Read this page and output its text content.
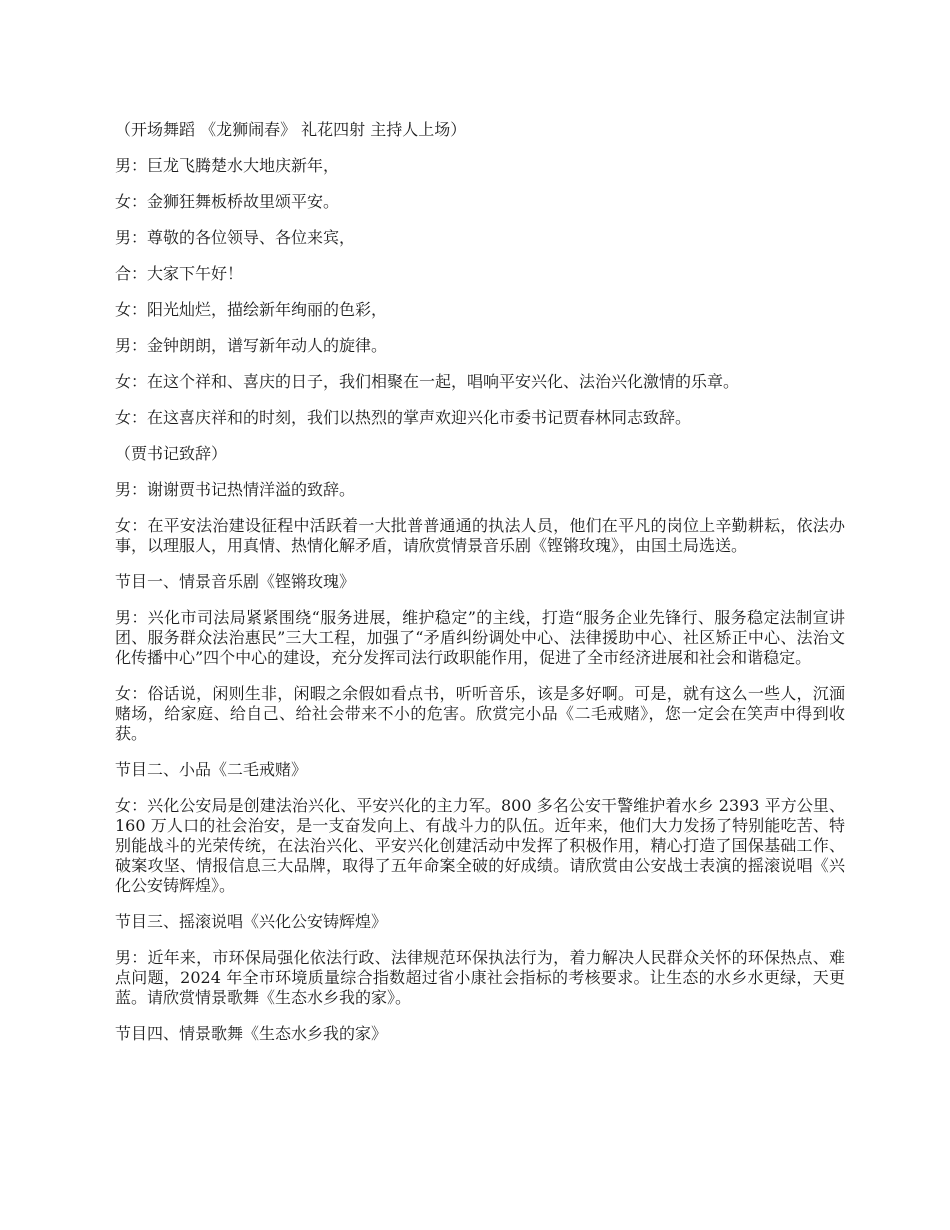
（开场舞蹈 《龙狮闹春》 礼花四射 主持人上场）

男：巨龙飞腾楚水大地庆新年，

女：金狮狂舞板桥故里颂平安。

男：尊敬的各位领导、各位来宾，

合：大家下午好！

女：阳光灿烂，描绘新年绚丽的色彩，

男：金钟朗朗，谱写新年动人的旋律。

女：在这个祥和、喜庆的日子，我们相聚在一起，唱响平安兴化、法治兴化激情的乐章。

女：在这喜庆祥和的时刻，我们以热烈的掌声欢迎兴化市委书记贾春林同志致辞。

（贾书记致辞）

男：谢谢贾书记热情洋溢的致辞。

女：在平安法治建设征程中活跃着一大批普普通通的执法人员，他们在平凡的岗位上辛勤耕耘，依法办事，以理服人，用真情、热情化解矛盾，请欣赏情景音乐剧《铿锵玫瑰》，由国土局选送。

节目一、情景音乐剧《铿锵玫瑰》

男：兴化市司法局紧紧围绕“服务进展，维护稳定”的主线，打造“服务企业先锋行、服务稳定法制宣讲团、服务群众法治惠民”三大工程，加强了“矛盾纠纷调处中心、法律援助中心、社区矫正中心、法治文化传播中心”四个中心的建设，充分发挥司法行政职能作用，促进了全市经济进展和社会和谐稳定。

女：俗话说，闲则生非，闲暇之余假如看点书，听听音乐，该是多好啊。可是，就有这么一些人，沉湎赌场，给家庭、给自己、给社会带来不小的危害。欣赏完小品《二毛戒赌》，您一定会在笑声中得到收获。

节目二、小品《二毛戒赌》

女：兴化公安局是创建法治兴化、平安兴化的主力军。800 多名公安干警维护着水乡 2393 平方公里、160 万人口的社会治安，是一支奋发向上、有战斗力的队伍。近年来，他们大力发扬了特别能吃苦、特别能战斗的光荣传统，在法治兴化、平安兴化创建活动中发挥了积极作用，精心打造了国保基础工作、破案攻坚、情报信息三大品牌，取得了五年命案全破的好成绩。请欣赏由公安战士表演的摇滚说唱《兴化公安铸辉煌》。

节目三、摇滚说唱《兴化公安铸辉煌》

男：近年来，市环保局强化依法行政、法律规范环保执法行为，着力解决人民群众关怀的环保热点、难点问题，2024 年全市环境质量综合指数超过省小康社会指标的考核要求。让生态的水乡水更绿，天更蓝。请欣赏情景歌舞《生态水乡我的家》。

节目四、情景歌舞《生态水乡我的家》
